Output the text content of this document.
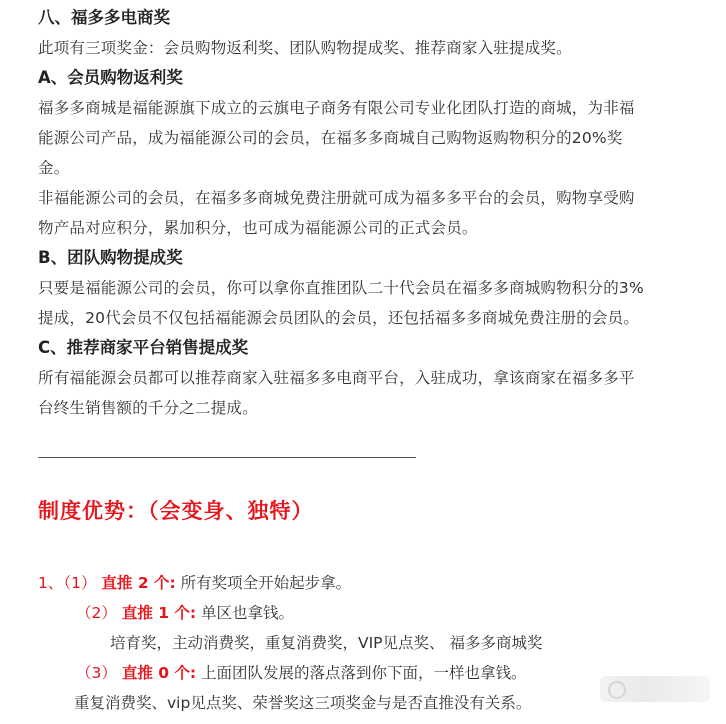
八、福多多电商奖
此项有三项奖金：会员购物返利奖、团队购物提成奖、推荐商家入驻提成奖。
A、会员购物返利奖
福多多商城是福能源旗下成立的云旗电子商务有限公司专业化团队打造的商城，为非福
能源公司产品，成为福能源公司的会员，在福多多商城自己购物返购物积分的20%奖
金。
非福能源公司的会员，在福多多商城免费注册就可成为福多多平台的会员，购物享受购
物产品对应积分，累加积分，也可成为福能源公司的正式会员。
B、团队购物提成奖
只要是福能源公司的会员，你可以拿你直推团队二十代会员在福多多商城购物积分的3%
提成，20代会员不仅包括福能源会员团队的会员，还包括福多多商城免费注册的会员。
C、推荐商家平台销售提成奖
所有福能源会员都可以推荐商家入驻福多多电商平台，入驻成功，拿该商家在福多多平
台终生销售额的千分之二提成。
制度优势：（会变身、独特）
1、（1） 直推 2 个: 所有奖项全开始起步拿。
（2） 直推 1 个: 单区也拿钱。
培育奖，主动消费奖，重复消费奖，VIP见点奖、 福多多商城奖
（3） 直推 0 个: 上面团队发展的落点落到你下面，一样也拿钱。
重复消费奖、vip见点奖、荣誉奖这三项奖金与是否直推没有关系。
